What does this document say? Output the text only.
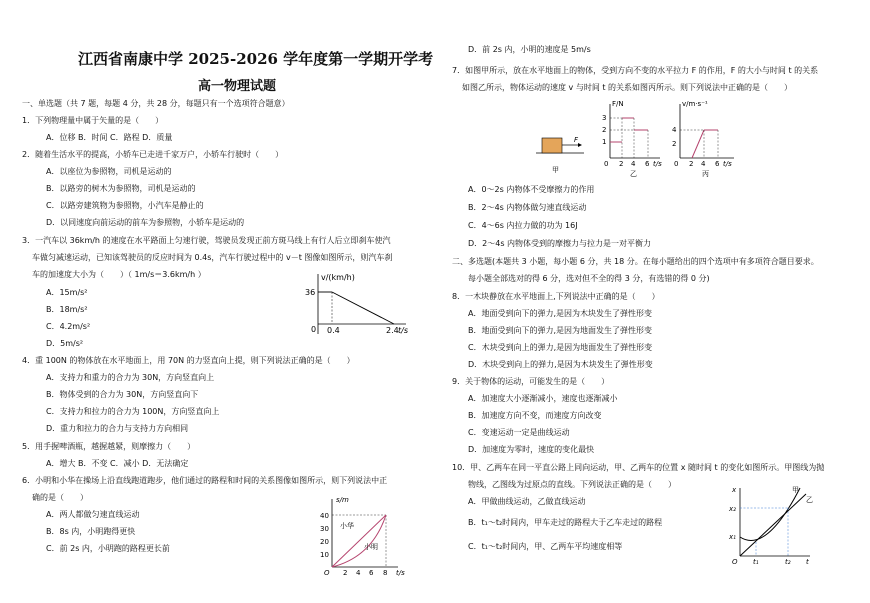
江西省南康中学 2025-2026 学年度第一学期开学考
高一物理试题
一、单选题（共 7 题，每题 4 分，共 28 分，每题只有一个选项符合题意）
1．下列物理量中属于矢量的是（　　）
A．位移 B．时间 C．路程 D．质量
2．随着生活水平的提高，小轿车已走进千家万户，小轿车行驶时（　　）
A．以座位为参照物，司机是运动的
B．以路旁的树木为参照物，司机是运动的
C．以路旁建筑物为参照物，小汽车是静止的
D．以同速度向前运动的前车为参照物，小轿车是运动的
3．一汽车以 36km/h 的速度在水平路面上匀速行驶，驾驶员发现正前方斑马线上有行人后立即刹车使汽
车做匀减速运动，已知该驾驶员的反应时间为 0.4s，汽车行驶过程中的 v－t 图像如图所示，则汽车刹
车的加速度大小为（　　）（ 1m/s＝3.6km/h ）
A．15m/s²
B．18m/s²
C．4.2m/s²
D．5m/s²
v/(km/h)
36
0 0.4	2.4 t/s
4．重 100N 的物体放在水平地面上，用 70N 的力竖直向上提，则下列说法正确的是（　　）
A．支持力和重力的合力为 30N，方向竖直向上
B．物体受到的合力为 30N，方向竖直向下
C．支持力和拉力的合力为 100N，方向竖直向上
D．重力和拉力的合力与支持力方向相同
5．用手握啤酒瓶，越握越紧，则摩擦力（　　）
A．增大 B．不变 C．减小 D．无法确定
6．小明和小华在操场上沿直线跑道跑步，他们通过的路程和时间的关系图像如图所示，则下列说法中正
确的是（　　）
A．两人都做匀速直线运动
B．8s 内，小明跑得更快
C．前 2s 内，小明跑的路程更长前
s/m
40
30
20
10
O 2 4 6 8 t/s
小华
小明
D．前 2s 内，小明的速度是 5m/s
7．如图甲所示，放在水平地面上的物体，受到方向不变的水平拉力 F 的作用，F 的大小与时间 t 的关系
如图乙所示，物体运动的速度 v 与时间 t 的关系如图丙所示。则下列说法中正确的是（　　）
F
甲
F/N
3
2
1
0 2 4 6 t/s
乙
v/m·s⁻¹
4
2
0 2 4 6 t/s
丙
A．0～2s 内物体不受摩擦力的作用
B．2～4s 内物体做匀速直线运动
C．4～6s 内拉力做的功为 16J
D．2～4s 内物体受到的摩擦力与拉力是一对平衡力
二、多选题(本题共 3 小题，每小题 6 分，共 18 分。在每小题给出的四个选项中有多项符合题目要求。
每小题全部选对的得 6 分，选对但不全的得 3 分，有选错的得 0 分)
8．一木块静放在水平地面上,下列说法中正确的是（　　）
A．地面受到向下的弹力,是因为木块发生了弹性形变
B．地面受到向下的弹力,是因为地面发生了弹性形变
C．木块受到向上的弹力,是因为地面发生了弹性形变
D．木块受到向上的弹力,是因为木块发生了弹性形变
9．关于物体的运动，可能发生的是（　　）
A．加速度大小逐渐减小，速度也逐渐减小
B．加速度方向不变，而速度方向改变
C．变速运动一定是曲线运动
D．加速度为零时，速度的变化最快
10．甲、乙两车在同一平直公路上同向运动，甲、乙两车的位置 x 随时间 t 的变化如图所示。甲图线为抛
物线，乙图线为过原点的直线。下列说法正确的是（　　）
A．甲做曲线运动，乙做直线运动
B．t₁～t₂时间内，甲车走过的路程大于乙车走过的路程
C．t₁～t₂时间内，甲、乙两车平均速度相等
x
x₂
x₁
O t₁	t₂ t
甲
乙
